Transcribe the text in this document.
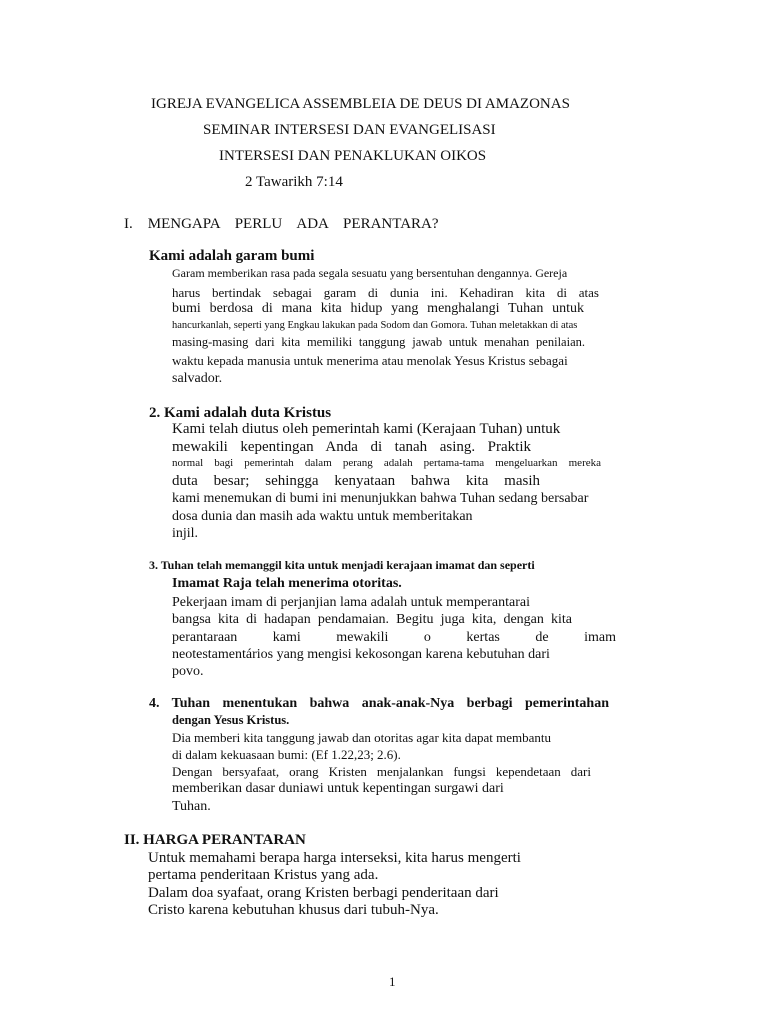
IGREJA EVANGELICA ASSEMBLEIA DE DEUS DI AMAZONAS
SEMINAR INTERSESI DAN EVANGELISASI
INTERSESI DAN PENAKLUKAN OIKOS
2 Tawarikh 7:14
I.    MENGAPA    PERLU    ADA    PERANTARA?
Kami adalah garam bumi
Garam memberikan rasa pada segala sesuatu yang bersentuhan dengannya. Gereja
harus bertindak sebagai garam di dunia ini. Kehadiran kita di atas
bumi berdosa di mana kita hidup yang menghalangi Tuhan untuk
hancurkanlah, seperti yang Engkau lakukan pada Sodom dan Gomora. Tuhan meletakkan di atas
masing-masing dari kita memiliki tanggung jawab untuk menahan penilaian.
waktu kepada manusia untuk menerima atau menolak Yesus Kristus sebagai
salvador.
2. Kami adalah duta Kristus
Kami telah diutus oleh pemerintah kami (Kerajaan Tuhan) untuk
mewakili kepentingan Anda di tanah asing. Praktik
normal bagi pemerintah dalam perang adalah pertama-tama mengeluarkan mereka
duta besar; sehingga kenyataan bahwa kita masih
kami menemukan di bumi ini menunjukkan bahwa Tuhan sedang bersabar
dosa dunia dan masih ada waktu untuk memberitakan
injil.
3. Tuhan telah memanggil kita untuk menjadi kerajaan imamat dan seperti
Imamat Raja telah menerima otoritas.
Pekerjaan imam di perjanjian lama adalah untuk memperantarai
bangsa kita di hadapan pendamaian. Begitu juga kita, dengan kita
perantaraan kami mewakili o kertas de imam
neotestamentários yang mengisi kekosongan karena kebutuhan dari
povo.
4. Tuhan menentukan bahwa anak-anak-Nya berbagi pemerintahan
dengan Yesus Kristus.
Dia memberi kita tanggung jawab dan otoritas agar kita dapat membantu
di dalam kekuasaan bumi: (Ef 1.22,23; 2.6).
Dengan bersyafaat, orang Kristen menjalankan fungsi kependetaan dari
memberikan dasar duniawi untuk kepentingan surgawi dari
Tuhan.
II. HARGA PERANTARAN
Untuk memahami berapa harga interseksi, kita harus mengerti
pertama penderitaan Kristus yang ada.
Dalam doa syafaat, orang Kristen berbagi penderitaan dari
Cristo karena kebutuhan khusus dari tubuh-Nya.
1
